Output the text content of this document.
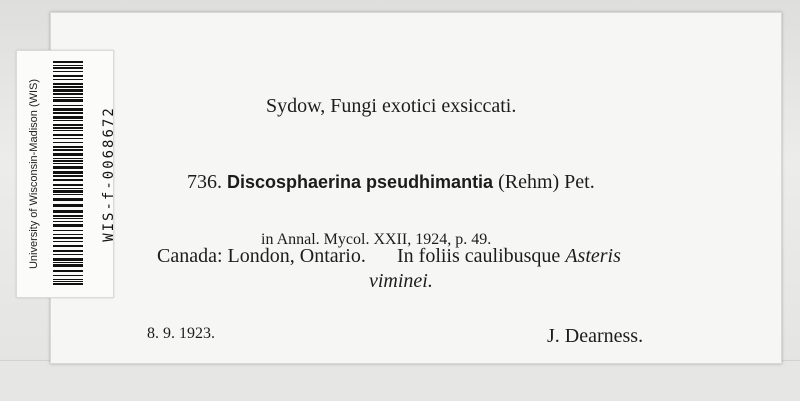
Sydow, Fungi exotici exsiccati.
736. Discosphaerina pseudhimantia (Rehm) Pet.
in Annal. Mycol. XXII, 1924, p. 49.
Canada: London, Ontario. In foliis caulibusque Asteris
viminei.
8. 9. 1923.	J. Dearness.
University of Wisconsin-Madison (WIS)	WIS-f-0068672
